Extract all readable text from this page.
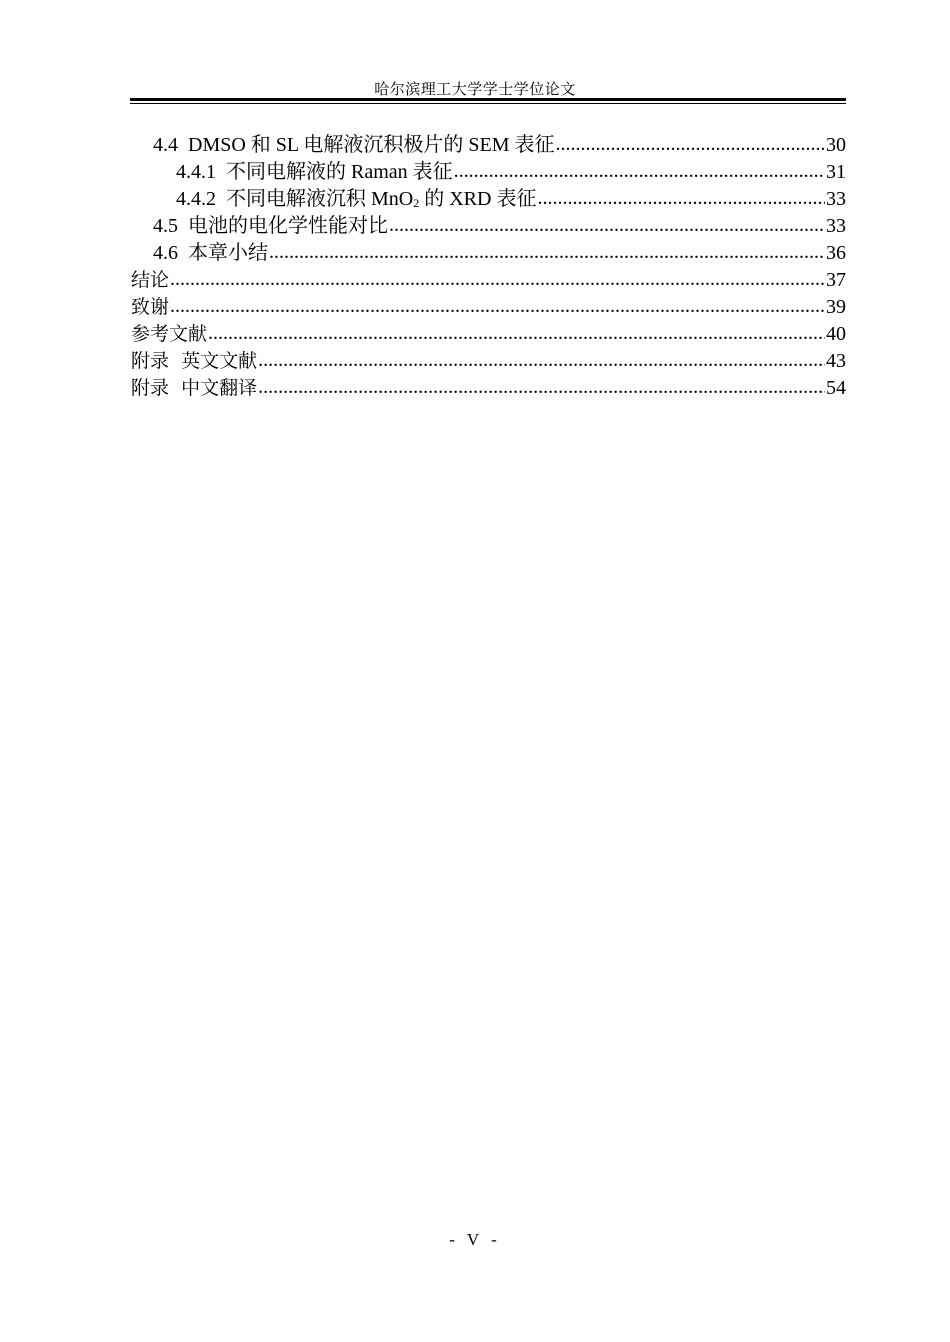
哈尔滨理工大学学士学位论文
4.4 DMSO 和 SL 电解液沉积极片的 SEM 表征 .....	30
4.4.1 不同电解液的 Raman 表征 .....	31
4.4.2 不同电解液沉积 MnO$_2$ 的 XRD 表征 .....	33
4.5 电池的电化学性能对比 .....	33
4.6 本章小结 .....	36
结论 .....	37
致谢 .....	39
参考文献 .....	40
附录  英文文献 .....	43
附录  中文翻译 .....	54
- V -
